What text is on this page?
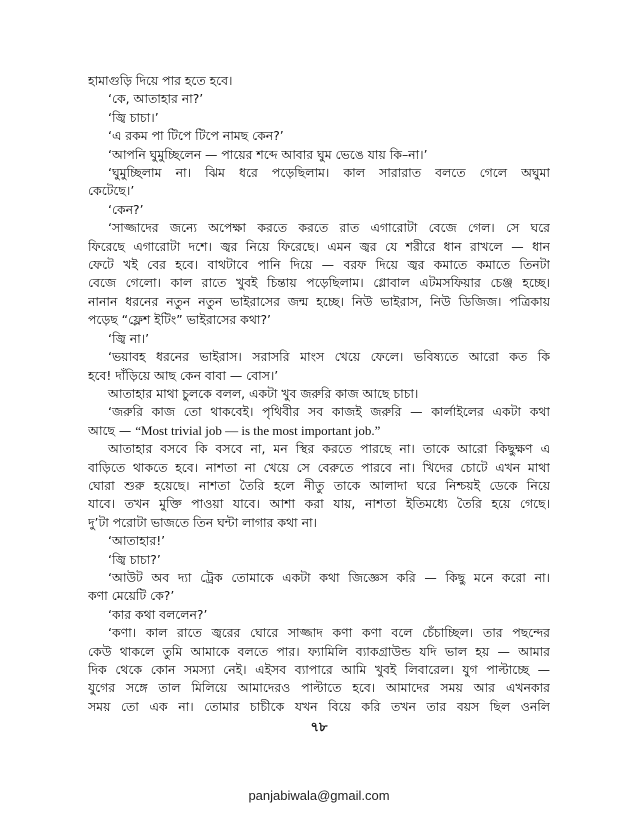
হামাগুড়ি দিয়ে পার হতে হবে।
‘কে, আতাহার না?’
‘জ্বি চাচা।’
‘এ রকম পা টিপে টিপে নামছ কেন?’
‘আপনি ঘুমুচ্ছিলেন — পায়ের শব্দে আবার ঘুম ভেঙে যায় কি–না।’
‘ঘুমুচ্ছিলাম না। ঝিম ধরে পড়েছিলাম। কাল সারারাত বলতে গেলে অঘুমা
কেটেছে।’
‘কেন?’
‘সাজ্জাদের জন্যে অপেক্ষা করতে করতে রাত এগারোটা বেজে গেল। সে ঘরে
ফিরেছে এগারোটা দশে। জ্বর নিয়ে ফিরেছে। এমন জ্বর যে শরীরে ধান রাখলে — ধান
ফেটে খই বের হবে। বাথটাবে পানি দিয়ে — বরফ দিয়ে জ্বর কমাতে কমাতে তিনটা
বেজে গেলো। কাল রাতে খুবই চিন্তায় পড়েছিলাম। গ্লোবাল এটমসফিয়ার চেঞ্জ হচ্ছে।
নানান ধরনের নতুন নতুন ভাইরাসের জন্ম হচ্ছে। নিউ ভাইরাস, নিউ ডিজিজ। পত্রিকায়
পড়েছ “ফ্লেশ ইটিং” ভাইরাসের কথা?’
‘জ্বি না।’
‘ভয়াবহ ধরনের ভাইরাস। সরাসরি মাংস খেয়ে ফেলে। ভবিষ্যতে আরো কত কি
হবে! দাঁড়িয়ে আছ কেন বাবা — বোস।’
আতাহার মাথা চুলকে বলল, একটা খুব জরুরি কাজ আছে চাচা।
‘জরুরি কাজ তো থাকবেই। পৃথিবীর সব কাজই জরুরি — কার্লাইলের একটা কথা
আছে — “Most trivial job — is the most important job.”
আতাহার বসবে কি বসবে না, মন স্থির করতে পারছে না। তাকে আরো কিছুক্ষণ এ
বাড়িতে থাকতে হবে। নাশতা না খেয়ে সে বেরুতে পারবে না। খিদের চোটে এখন মাথা
ঘোরা শুরু হয়েছে। নাশতা তৈরি হলে নীতু তাকে আলাদা ঘরে নিশ্চয়ই ডেকে নিয়ে
যাবে। তখন মুক্তি পাওয়া যাবে। আশা করা যায়, নাশতা ইতিমধ্যে তৈরি হয়ে গেছে।
দু’টা পরোটা ভাজতে তিন ঘন্টা লাগার কথা না।
‘আতাহার!’
‘জ্বি চাচা?’
‘আউট অব দ্যা ট্রেক তোমাকে একটা কথা জিজ্ঞেস করি — কিছু মনে করো না।
কণা মেয়েটি কে?’
‘কার কথা বললেন?’
‘কণা। কাল রাতে জ্বরের ঘোরে সাজ্জাদ কণা কণা বলে চেঁচাচ্ছিল। তার পছন্দের
কেউ থাকলে তুমি আমাকে বলতে পার। ফ্যামিলি ব্যাকগ্রাউন্ড যদি ভাল হয় — আমার
দিক থেকে কোন সমস্যা নেই। এইসব ব্যাপারে আমি খুবই লিবারেল। যুগ পাল্টাচ্ছে —
যুগের সঙ্গে তাল মিলিয়ে আমাদেরও পাল্টাতে হবে। আমাদের সময় আর এখনকার
সময় তো এক না। তোমার চাচীকে যখন বিয়ে করি তখন তার বয়স ছিল ওনলি
৭৮
panjabiwala@gmail.com
